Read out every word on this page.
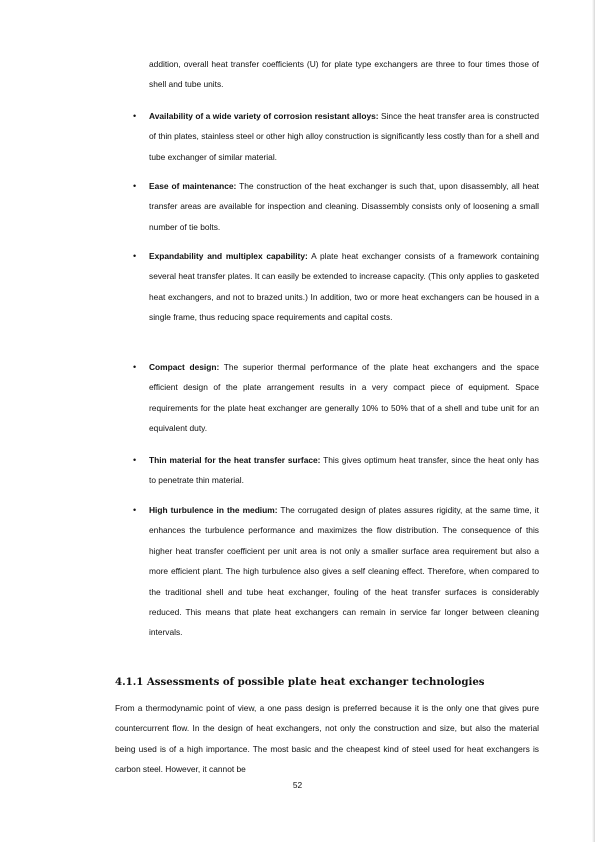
addition, overall heat transfer coefficients (U) for plate type exchangers are three to four times those of shell and tube units.

• Availability of a wide variety of corrosion resistant alloys: Since the heat transfer area is constructed of thin plates, stainless steel or other high alloy construction is significantly less costly than for a shell and tube exchanger of similar material.

• Ease of maintenance: The construction of the heat exchanger is such that, upon disassembly, all heat transfer areas are available for inspection and cleaning. Disassembly consists only of loosening a small number of tie bolts.

• Expandability and multiplex capability: A plate heat exchanger consists of a framework containing several heat transfer plates. It can easily be extended to increase capacity. (This only applies to gasketed heat exchangers, and not to brazed units.) In addition, two or more heat exchangers can be housed in a single frame, thus reducing space requirements and capital costs.

• Compact design: The superior thermal performance of the plate heat exchangers and the space efficient design of the plate arrangement results in a very compact piece of equipment. Space requirements for the plate heat exchanger are generally 10% to 50% that of a shell and tube unit for an equivalent duty.

• Thin material for the heat transfer surface: This gives optimum heat transfer, since the heat only has to penetrate thin material.

• High turbulence in the medium: The corrugated design of plates assures rigidity, at the same time, it enhances the turbulence performance and maximizes the flow distribution. The consequence of this higher heat transfer coefficient per unit area is not only a smaller surface area requirement but also a more efficient plant. The high turbulence also gives a self cleaning effect. Therefore, when compared to the traditional shell and tube heat exchanger, fouling of the heat transfer surfaces is considerably reduced. This means that plate heat exchangers can remain in service far longer between cleaning intervals.

4.1.1 Assessments of possible plate heat exchanger technologies

From a thermodynamic point of view, a one pass design is preferred because it is the only one that gives pure countercurrent flow. In the design of heat exchangers, not only the construction and size, but also the material being used is of a high importance. The most basic and the cheapest kind of steel used for heat exchangers is carbon steel. However, it cannot be

52
